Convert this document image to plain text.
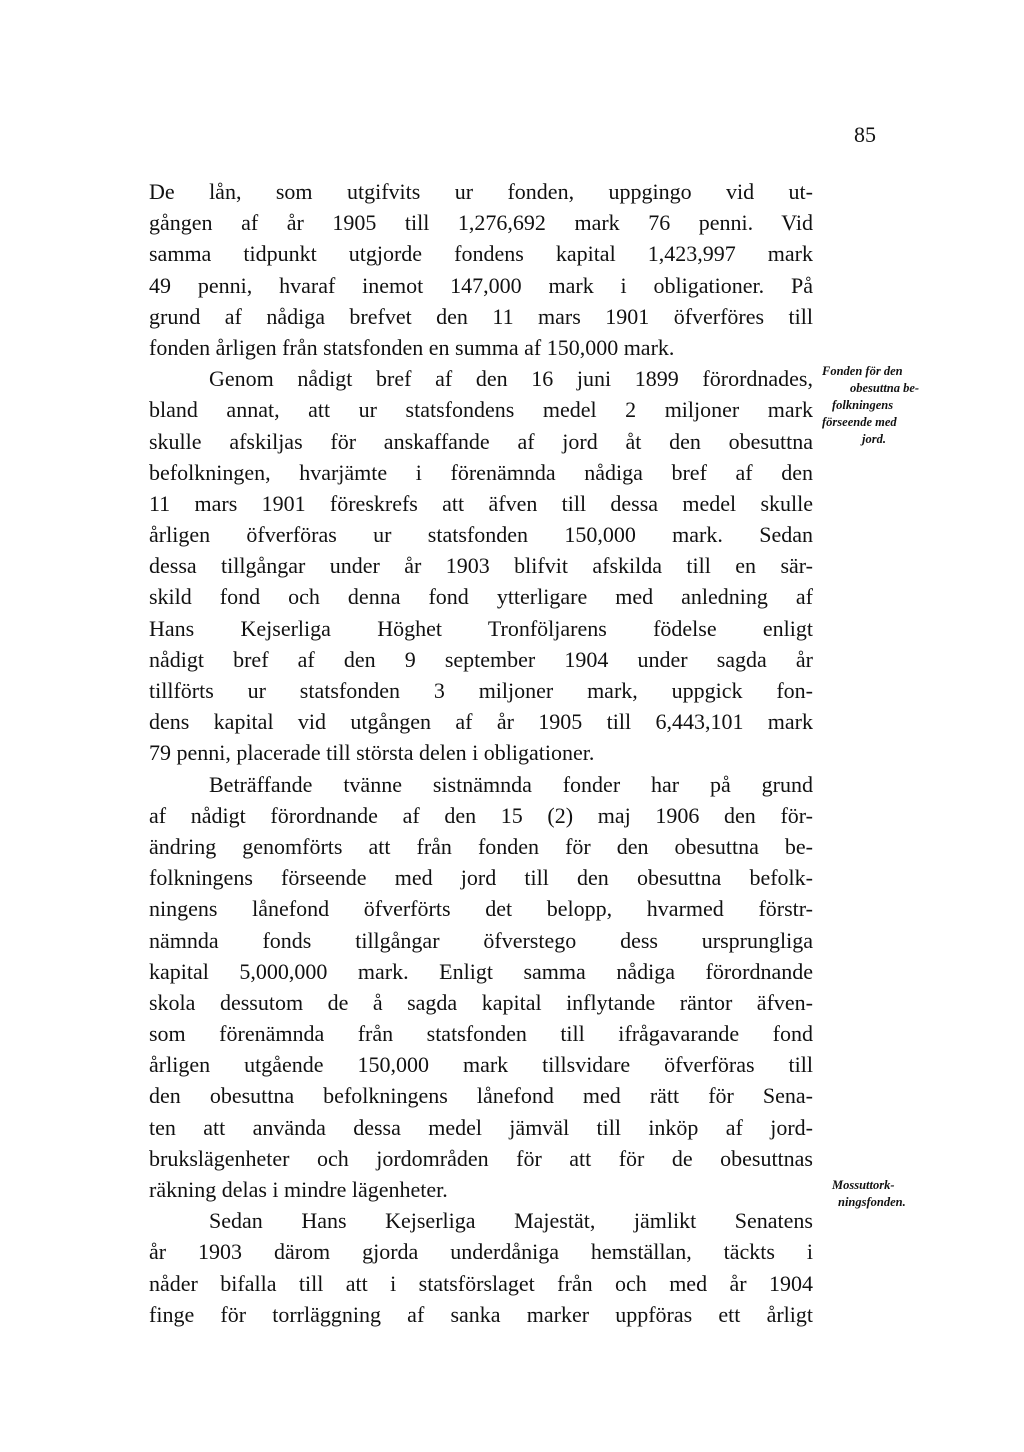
85
De lån, som utgifvits ur fonden, uppgingo vid ut-
gången af år 1905 till 1,276,692 mark 76 penni. Vid
samma tidpunkt utgjorde fondens kapital 1,423,997 mark
49 penni, hvaraf inemot 147,000 mark i obligationer. På
grund af nådiga brefvet den 11 mars 1901 öfverföres till
fonden årligen från statsfonden en summa af 150,000 mark.
Genom nådigt bref af den 16 juni 1899 förordnades,
bland annat, att ur statsfondens medel 2 miljoner mark
skulle afskiljas för anskaffande af jord åt den obesuttna
befolkningen, hvarjämte i förenämnda nådiga bref af den
11 mars 1901 föreskrefs att äfven till dessa medel skulle
årligen öfverföras ur statsfonden 150,000 mark. Sedan
dessa tillgångar under år 1903 blifvit afskilda till en sär-
skild fond och denna fond ytterligare med anledning af
Hans Kejserliga Höghet Tronföljarens födelse enligt
nådigt bref af den 9 september 1904 under sagda år
tillförts ur statsfonden 3 miljoner mark, uppgick fon-
dens kapital vid utgången af år 1905 till 6,443,101 mark
79 penni, placerade till största delen i obligationer.
Beträffande tvänne sistnämnda fonder har på grund
af nådigt förordnande af den 15 (2) maj 1906 den för-
ändring genomförts att från fonden för den obesuttna be-
folkningens förseende med jord till den obesuttna befolk-
ningens lånefond öfverförts det belopp, hvarmed förstr-
nämnda fonds tillgångar öfverstego dess ursprungliga
kapital 5,000,000 mark. Enligt samma nådiga förordnande
skola dessutom de å sagda kapital inflytande räntor äfven-
som förenämnda från statsfonden till ifrågavarande fond
årligen utgående 150,000 mark tillsvidare öfverföras till
den obesuttna befolkningens lånefond med rätt för Sena-
ten att använda dessa medel jämväl till inköp af jord-
brukslägenheter och jordområden för att för de obesuttnas
räkning delas i mindre lägenheter.
Sedan Hans Kejserliga Majestät, jämlikt Senatens
år 1903 därom gjorda underdåniga hemställan, täckts i
nåder bifalla till att i statsförslaget från och med år 1904
finge för torrläggning af sanka marker uppföras ett årligt
Fonden för den
obesuttna be-
folkningens
förseende med
jord.
Mossuttork-
ningsfonden.
